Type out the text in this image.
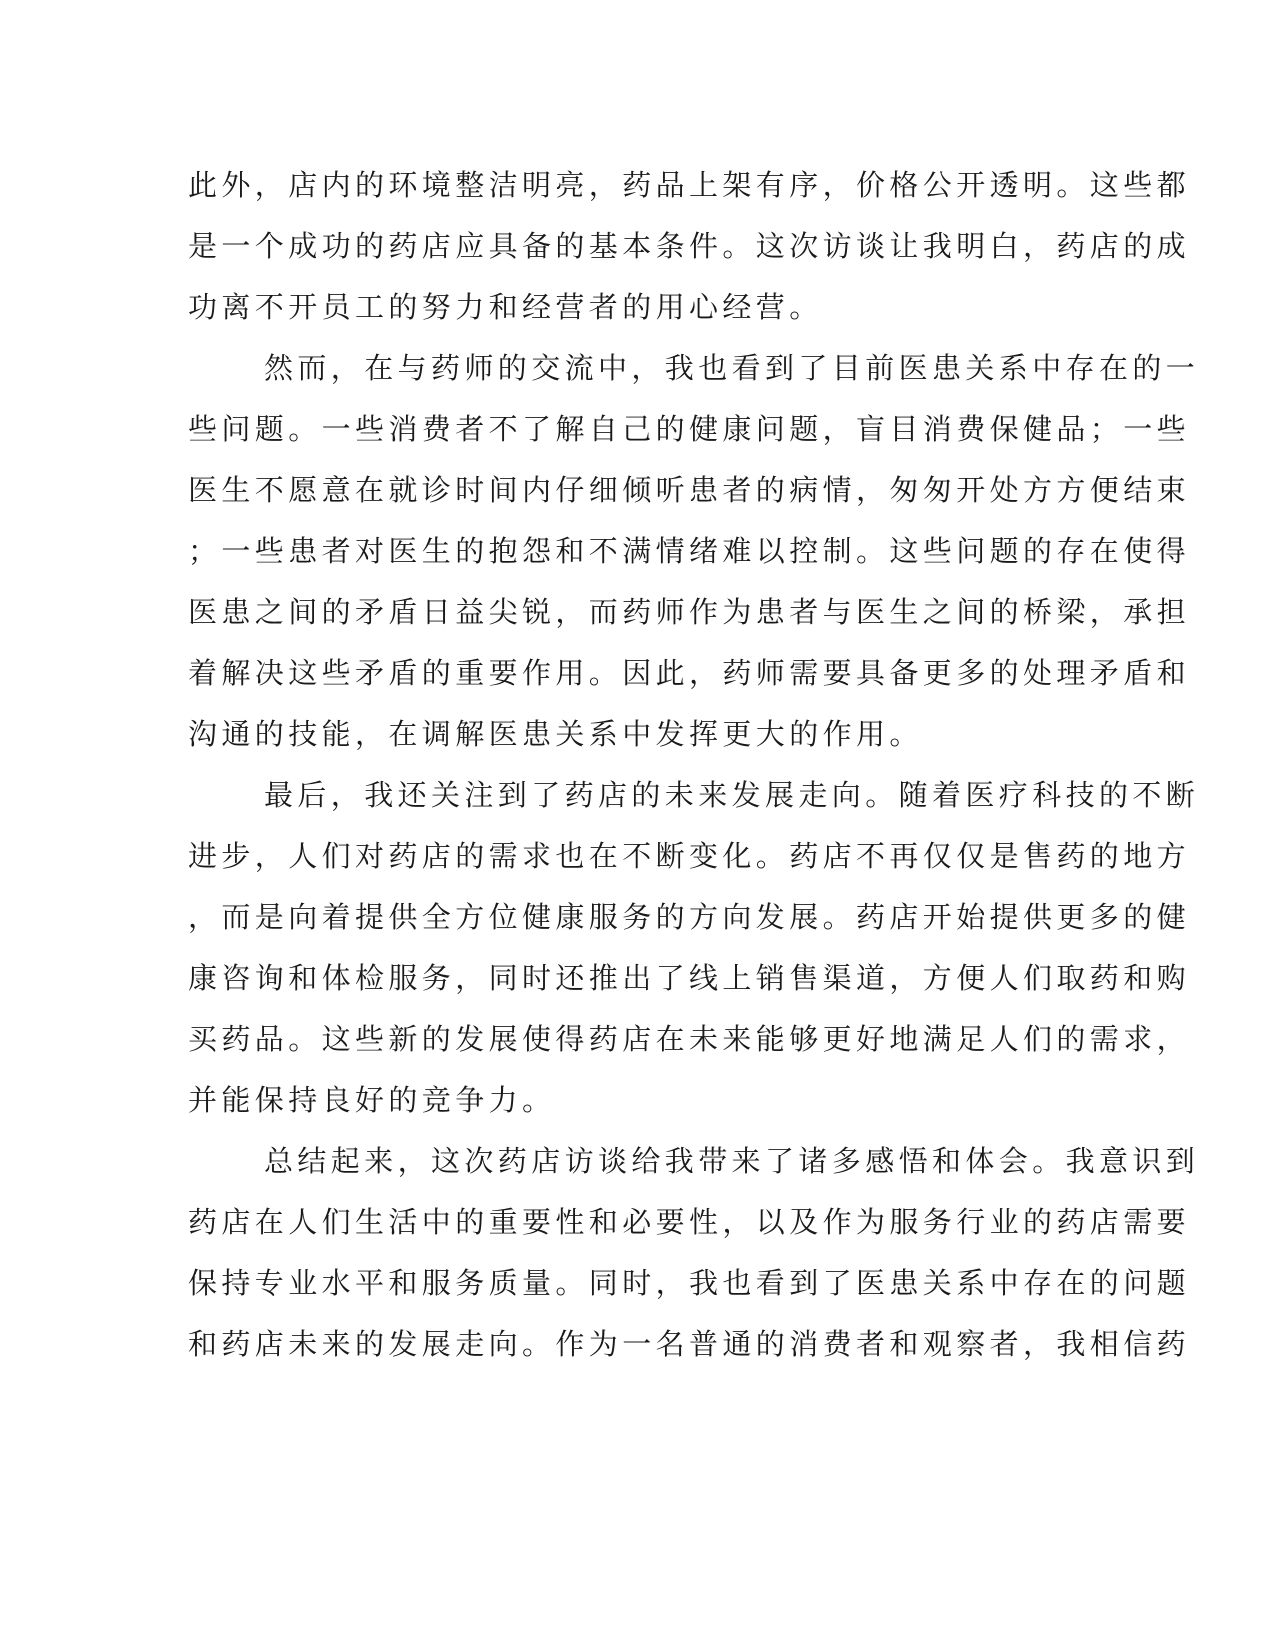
此外，店内的环境整洁明亮，药品上架有序，价格公开透明。这些都
是一个成功的药店应具备的基本条件。这次访谈让我明白，药店的成
功离不开员工的努力和经营者的用心经营。
然而，在与药师的交流中，我也看到了目前医患关系中存在的一
些问题。一些消费者不了解自己的健康问题，盲目消费保健品；一些
医生不愿意在就诊时间内仔细倾听患者的病情，匆匆开处方方便结束
；一些患者对医生的抱怨和不满情绪难以控制。这些问题的存在使得
医患之间的矛盾日益尖锐，而药师作为患者与医生之间的桥梁，承担
着解决这些矛盾的重要作用。因此，药师需要具备更多的处理矛盾和
沟通的技能，在调解医患关系中发挥更大的作用。
最后，我还关注到了药店的未来发展走向。随着医疗科技的不断
进步，人们对药店的需求也在不断变化。药店不再仅仅是售药的地方
，而是向着提供全方位健康服务的方向发展。药店开始提供更多的健
康咨询和体检服务，同时还推出了线上销售渠道，方便人们取药和购
买药品。这些新的发展使得药店在未来能够更好地满足人们的需求，
并能保持良好的竞争力。
总结起来，这次药店访谈给我带来了诸多感悟和体会。我意识到
药店在人们生活中的重要性和必要性，以及作为服务行业的药店需要
保持专业水平和服务质量。同时，我也看到了医患关系中存在的问题
和药店未来的发展走向。作为一名普通的消费者和观察者，我相信药
